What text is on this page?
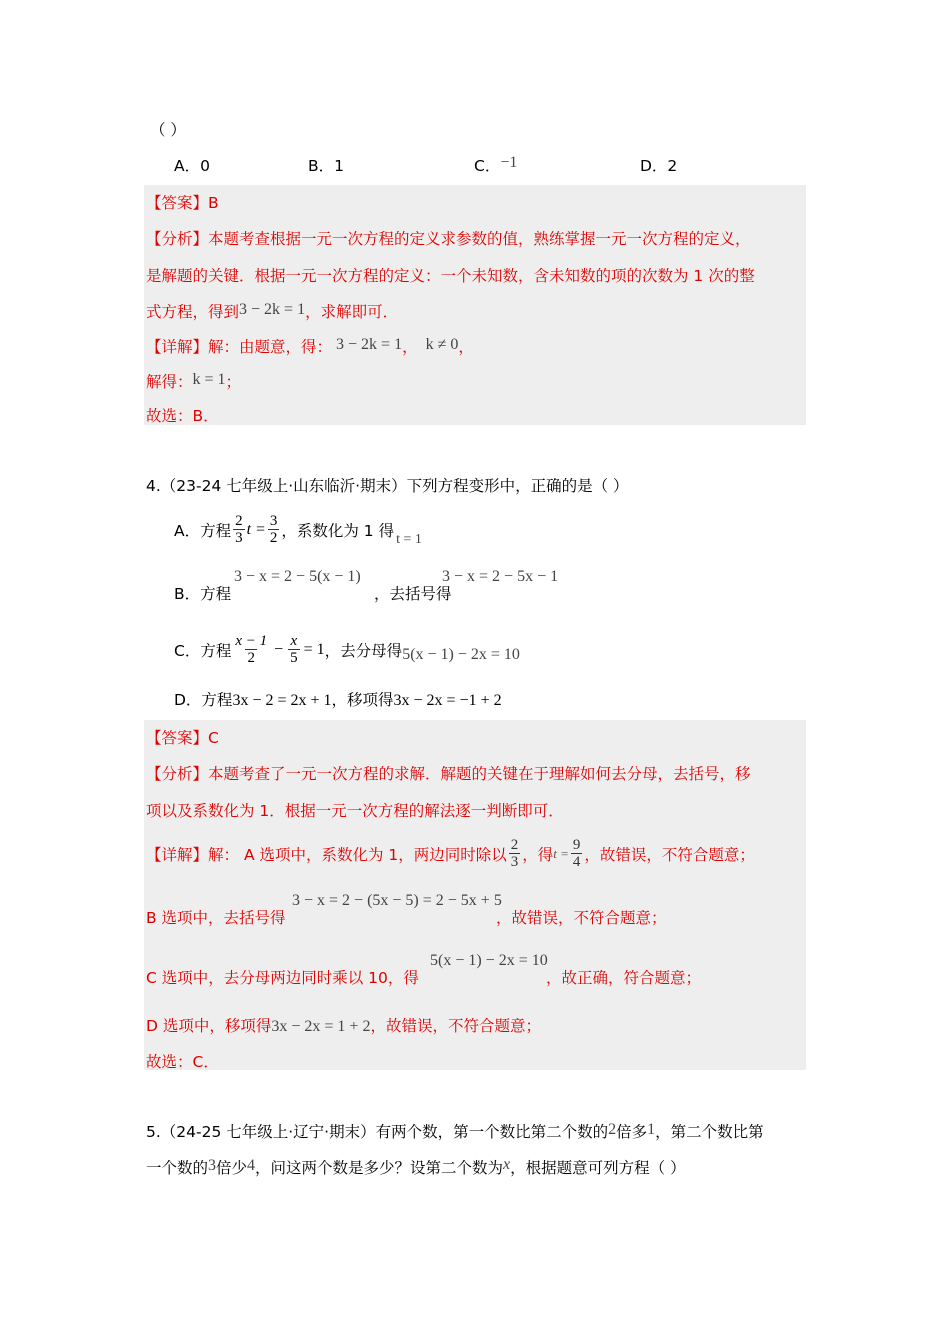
（ ）
A．0	B．1	C．−1	D．2
【答案】B
【分析】本题考查根据一元一次方程的定义求参数的值，熟练掌握一元一次方程的定义，
是解题的关键．根据一元一次方程的定义：一个未知数，含未知数的项的次数为 1 次的整
式方程，得到3 − 2k = 1，求解即可．
【详解】解：由题意，得： 3 − 2k = 1， k ≠ 0，
解得：k = 1；
故选：B．
4.（23-24 七年级上·山东临沂·期末）下列方程变形中，正确的是（ ）
A．方程 $\frac{2}{3}$ $t = \frac{3}{2}$ ，系数化为 1 得 t = 1
B．方程
3 − x = 2 − 5(x − 1)
，去括号得
3 − x = 2 − 5x − 1
C．方程 $\frac{x - 1}{2} - \frac{x}{5} = 1$ ，去分母得 5(x − 1) − 2x = 10
D．方程3x − 2 = 2x + 1，移项得3x − 2x = −1 + 2
【答案】C
【分析】本题考查了一元一次方程的求解．解题的关键在于理解如何去分母，去括号，移
项以及系数化为 1．根据一元一次方程的解法逐一判断即可．
【详解】 解： A 选项中，系数化为 1，两边同时除以 $\frac{2}{3}$ ，得 $t = \frac{9}{4}$ ，故错误，不符合题意；
B 选项中，去括号得
3 − x = 2 − (5x − 5) = 2 − 5x + 5
，故错误，不符合题意；
C 选项中，去分母两边同时乘以 10，得
5(x − 1) − 2x = 10
，故正确，符合题意；
D 选项中，移项得3x − 2x = 1 + 2，故错误，不符合题意；
故选：C．
5.（24-25 七年级上·辽宁·期末）有两个数，第一个数比第二个数的2倍多1，第二个数比第
一个数的3倍少4，问这两个数是多少？设第二个数为x，根据题意可列方程（ ）
